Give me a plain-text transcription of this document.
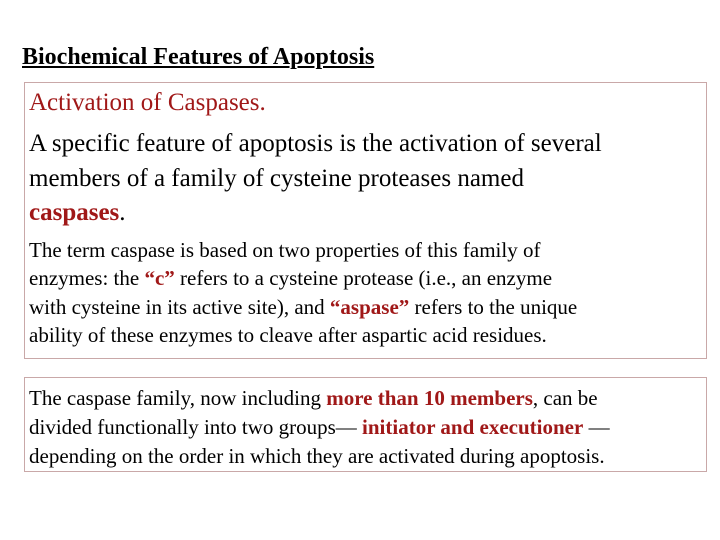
Biochemical Features of Apoptosis
Activation of Caspases.
A specific feature of apoptosis is the activation of several
members of a family of cysteine proteases named
caspases.
The term caspase is based on two properties of this family of
enzymes: the “c” refers to a cysteine protease (i.e., an enzyme
with cysteine in its active site), and “aspase” refers to the unique
ability of these enzymes to cleave after aspartic acid residues.
The caspase family, now including more than 10 members, can be
divided functionally into two groups— initiator and executioner —
depending on the order in which they are activated during apoptosis.
